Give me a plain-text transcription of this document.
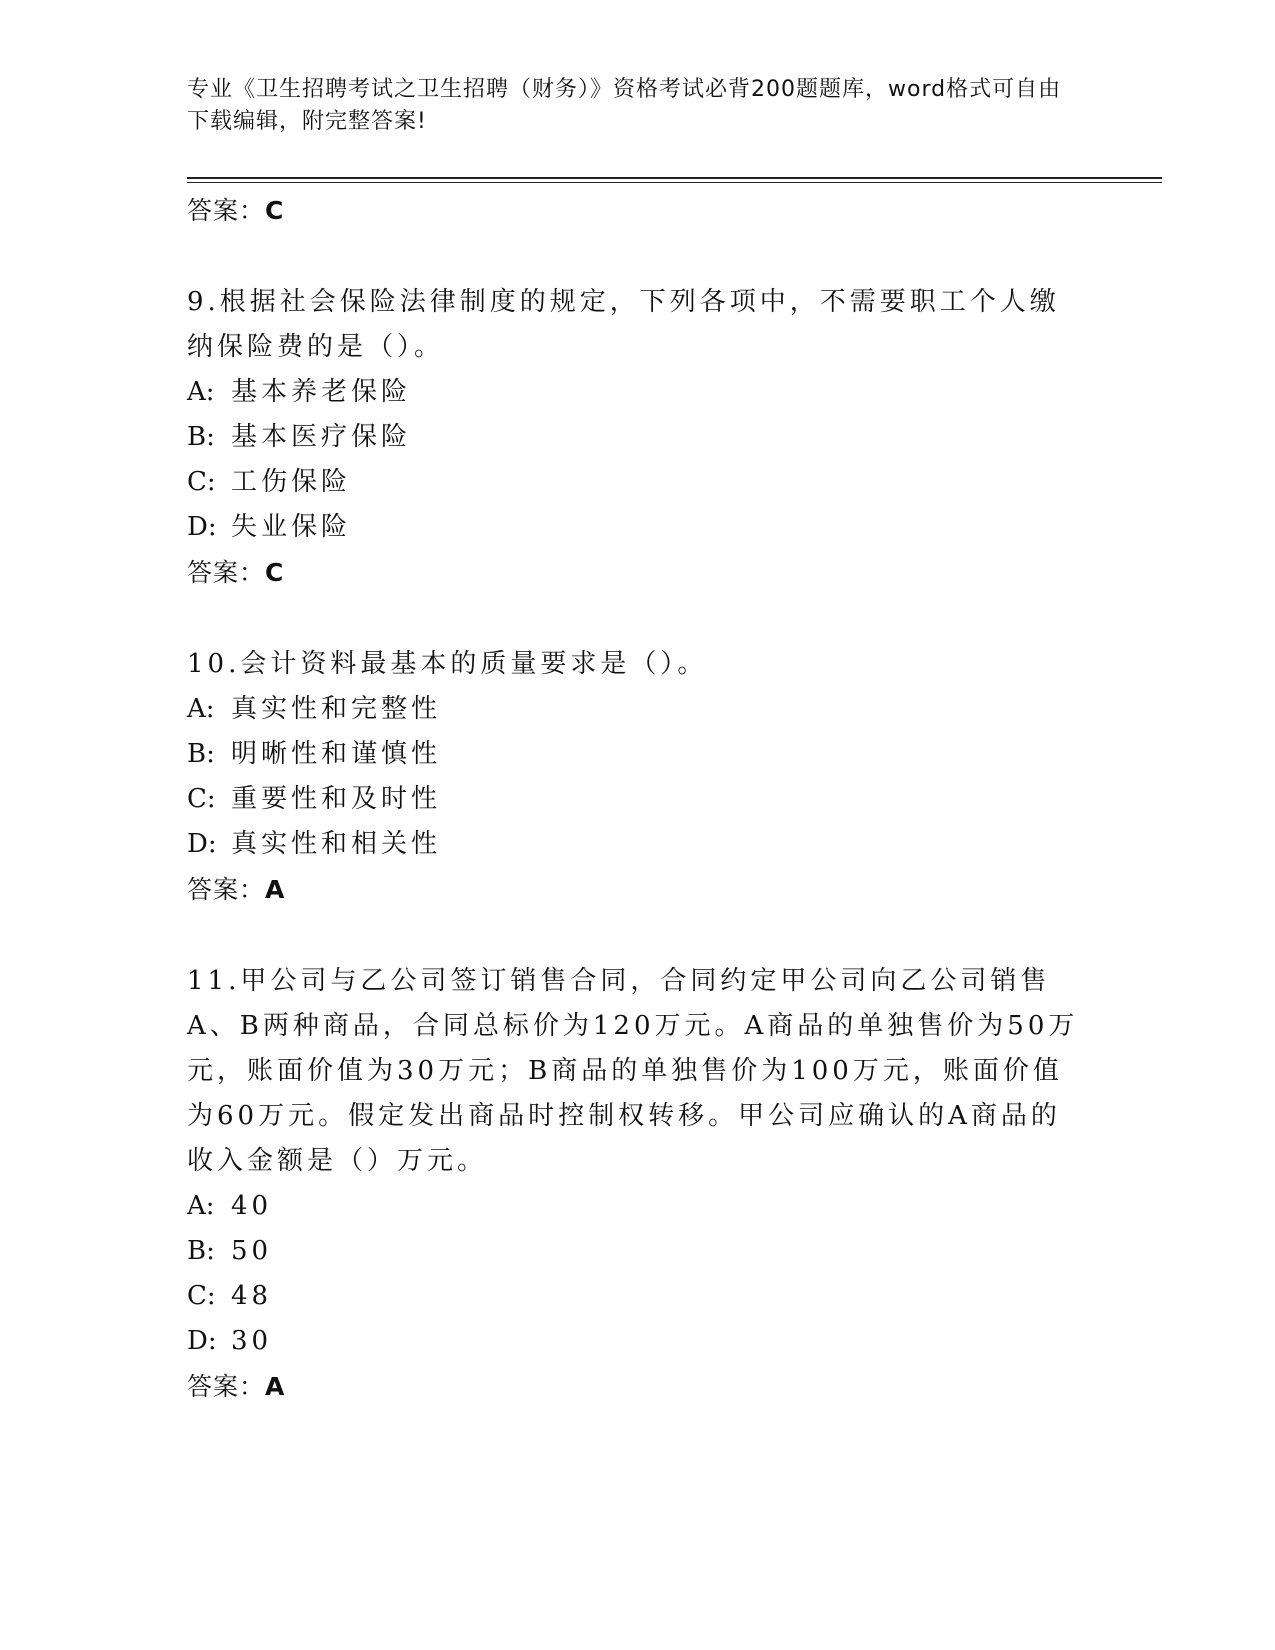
专业《卫生招聘考试之卫生招聘（财务）》资格考试必背200题题库，word格式可自由下载编辑，附完整答案!
答案：C
9.根据社会保险法律制度的规定，下列各项中，不需要职工个人缴纳保险费的是（）。
A: 基本养老保险
B: 基本医疗保险
C: 工伤保险
D: 失业保险
答案：C
10.会计资料最基本的质量要求是（）。
A: 真实性和完整性
B: 明晰性和谨慎性
C: 重要性和及时性
D: 真实性和相关性
答案：A
11.甲公司与乙公司签订销售合同，合同约定甲公司向乙公司销售A、B两种商品，合同总标价为120万元。A商品的单独售价为50万元，账面价值为30万元；B商品的单独售价为100万元，账面价值为60万元。假定发出商品时控制权转移。甲公司应确认的A商品的收入金额是（）万元。
A: 40
B: 50
C: 48
D: 30
答案：A
